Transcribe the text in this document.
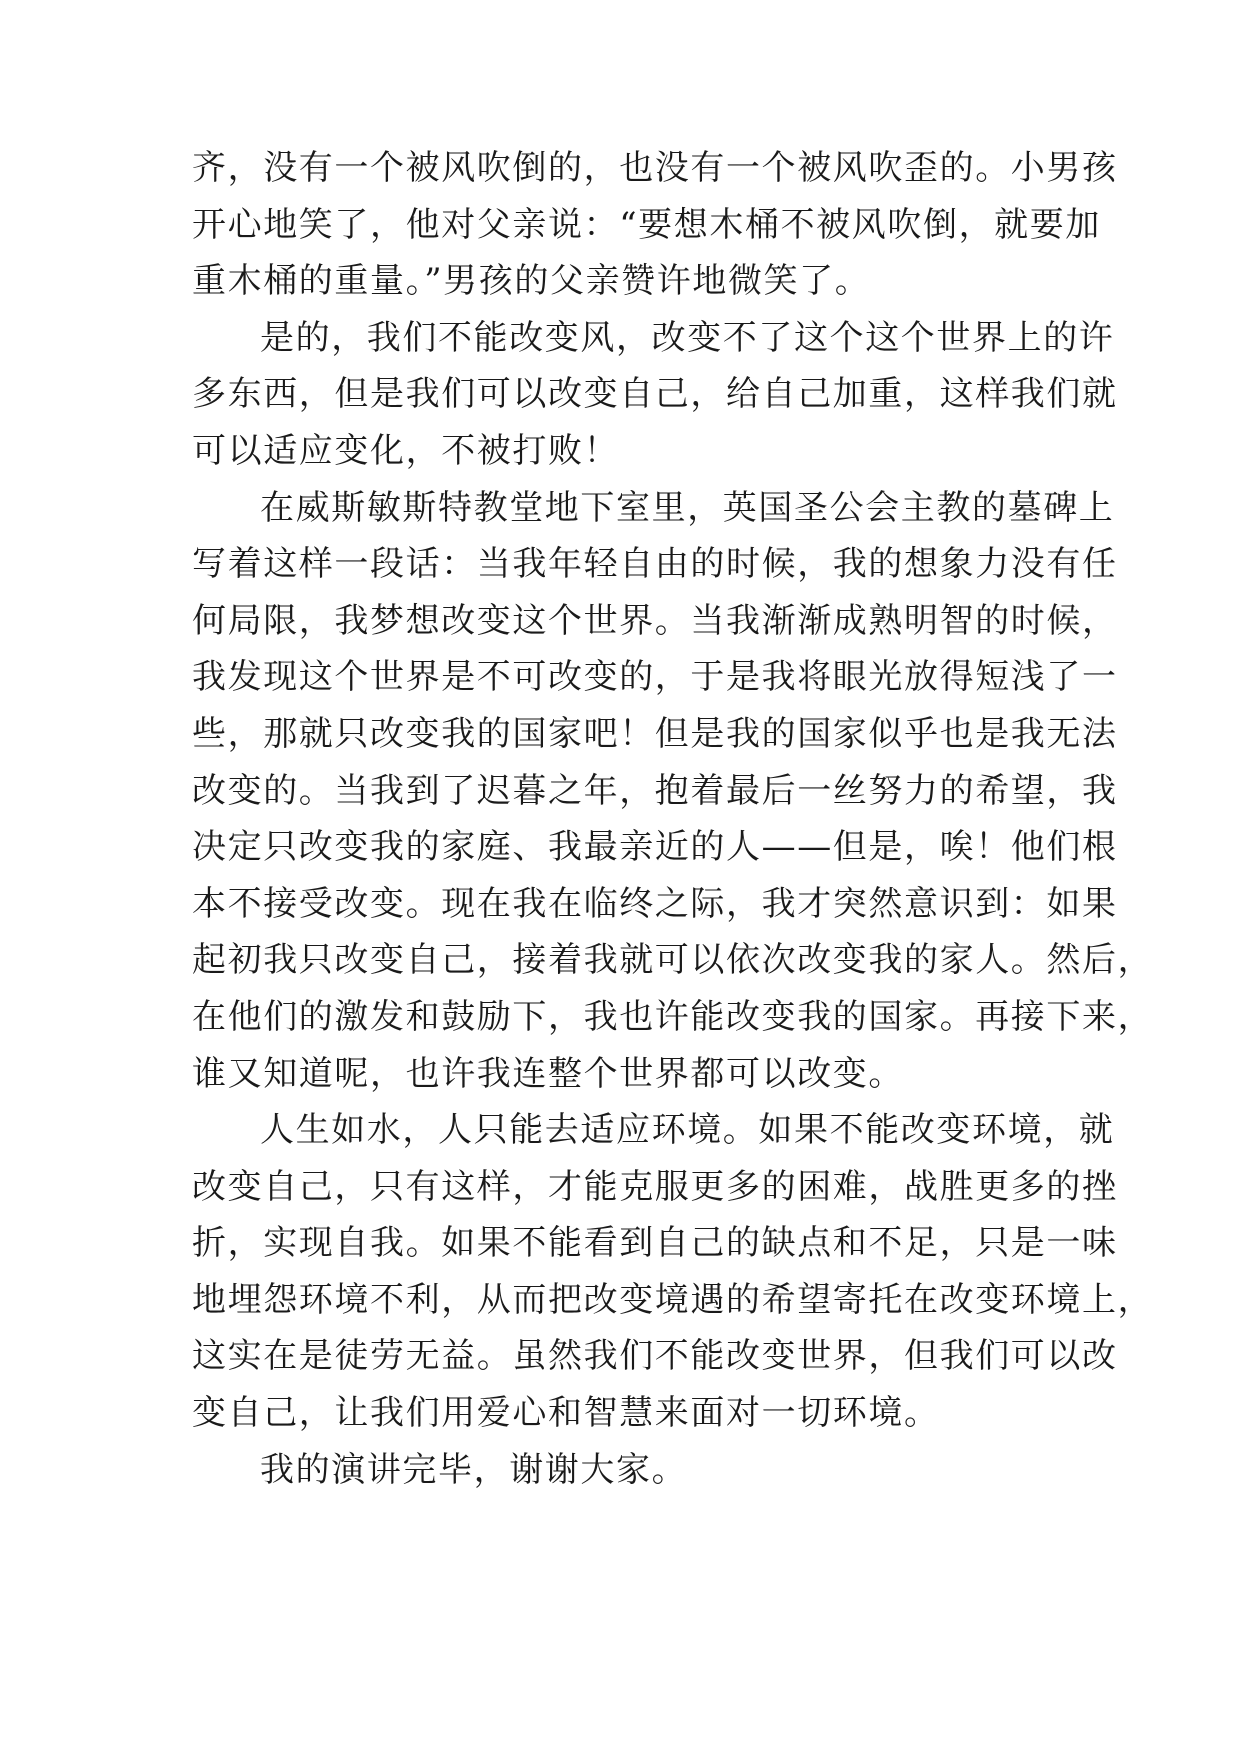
齐，没有一个被风吹倒的，也没有一个被风吹歪的。小男孩
开心地笑了，他对父亲说：“要想木桶不被风吹倒，就要加
重木桶的重量。”男孩的父亲赞许地微笑了。
是的，我们不能改变风，改变不了这个这个世界上的许
多东西，但是我们可以改变自己，给自己加重，这样我们就
可以适应变化，不被打败！
在威斯敏斯特教堂地下室里，英国圣公会主教的墓碑上
写着这样一段话：当我年轻自由的时候，我的想象力没有任
何局限，我梦想改变这个世界。当我渐渐成熟明智的时候，
我发现这个世界是不可改变的，于是我将眼光放得短浅了一
些，那就只改变我的国家吧！但是我的国家似乎也是我无法
改变的。当我到了迟暮之年，抱着最后一丝努力的希望，我
决定只改变我的家庭、我最亲近的人——但是，唉！他们根
本不接受改变。现在我在临终之际，我才突然意识到：如果
起初我只改变自己，接着我就可以依次改变我的家人。然后，
在他们的激发和鼓励下，我也许能改变我的国家。再接下来，
谁又知道呢，也许我连整个世界都可以改变。
人生如水，人只能去适应环境。如果不能改变环境，就
改变自己，只有这样，才能克服更多的困难，战胜更多的挫
折，实现自我。如果不能看到自己的缺点和不足，只是一味
地埋怨环境不利，从而把改变境遇的希望寄托在改变环境上，
这实在是徒劳无益。虽然我们不能改变世界，但我们可以改
变自己，让我们用爱心和智慧来面对一切环境。
我的演讲完毕，谢谢大家。
